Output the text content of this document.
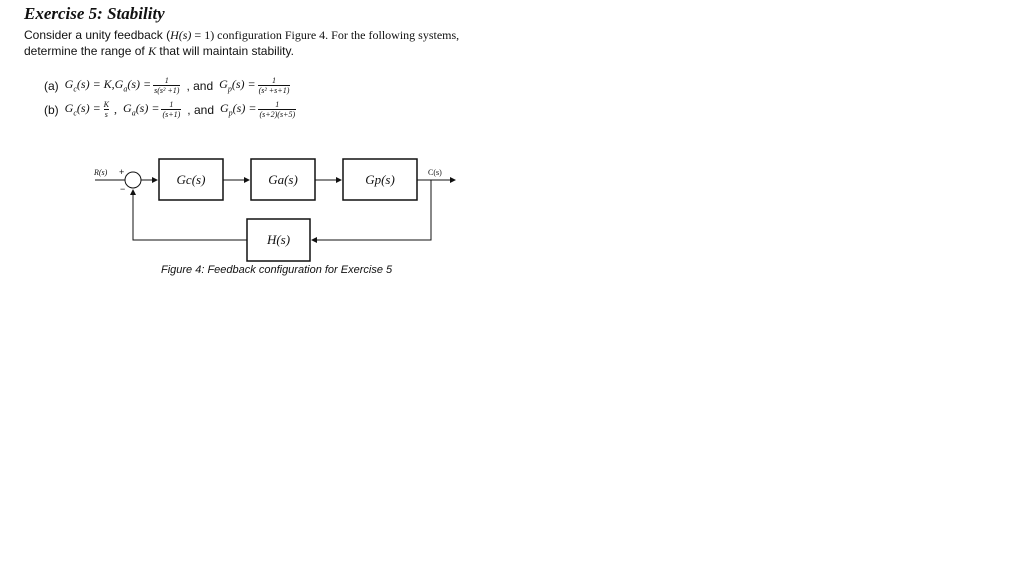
Exercise 5: Stability
Consider a unity feedback (H(s) = 1) configuration Figure 4. For the following systems,
determine the range of K that will maintain stability.
(a) $G_c(s) = K$, $G_a(s) = \frac{1}{\text{s(s² +1)}}$ , and $G_p(s) = \frac{1}{\text{(s² +s+1)}}$
(b) $G_c(s) = \frac{K}{s}$ , $G_a(s) = \frac{1}{(s+1)}$ , and $G_p(s) = \frac{1}{(s+2)(s+5)}$
R(s) +
−
C(s)
Gc(s)	Ga(s)	Gp(s)
H(s)
Figure 4: Feedback configuration for Exercise 5
